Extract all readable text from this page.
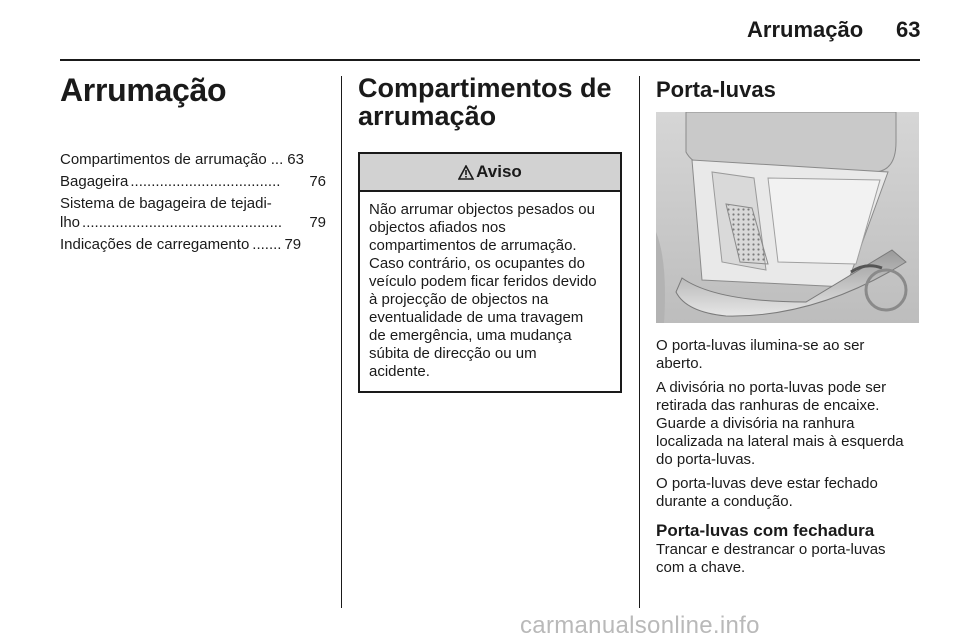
Arrumação 63
Arrumação
Compartimentos de arrumação ... 63
Bagageira ....................................	76
Sistema de bagageira de tejadi-
lho ................................................	79
Indicações de carregamento ....... 79
Compartimentos de
arrumação
Aviso
Não arrumar objectos pesados ou
objectos afiados nos
compartimentos de arrumação.
Caso contrário, os ocupantes do
veículo podem ficar feridos devido
à projecção de objectos na
eventualidade de uma travagem
de emergência, uma mudança
súbita de direcção ou um
acidente.
Porta-luvas

O porta-luvas ilumina-se ao ser
aberto.

A divisória no porta-luvas pode ser
retirada das ranhuras de encaixe.
Guarde a divisória na ranhura
localizada na lateral mais à esquerda
do porta-luvas.

O porta-luvas deve estar fechado
durante a condução.

Porta-luvas com fechadura

Trancar e destrancar o porta-luvas
com a chave.

carmanualsonline.info
